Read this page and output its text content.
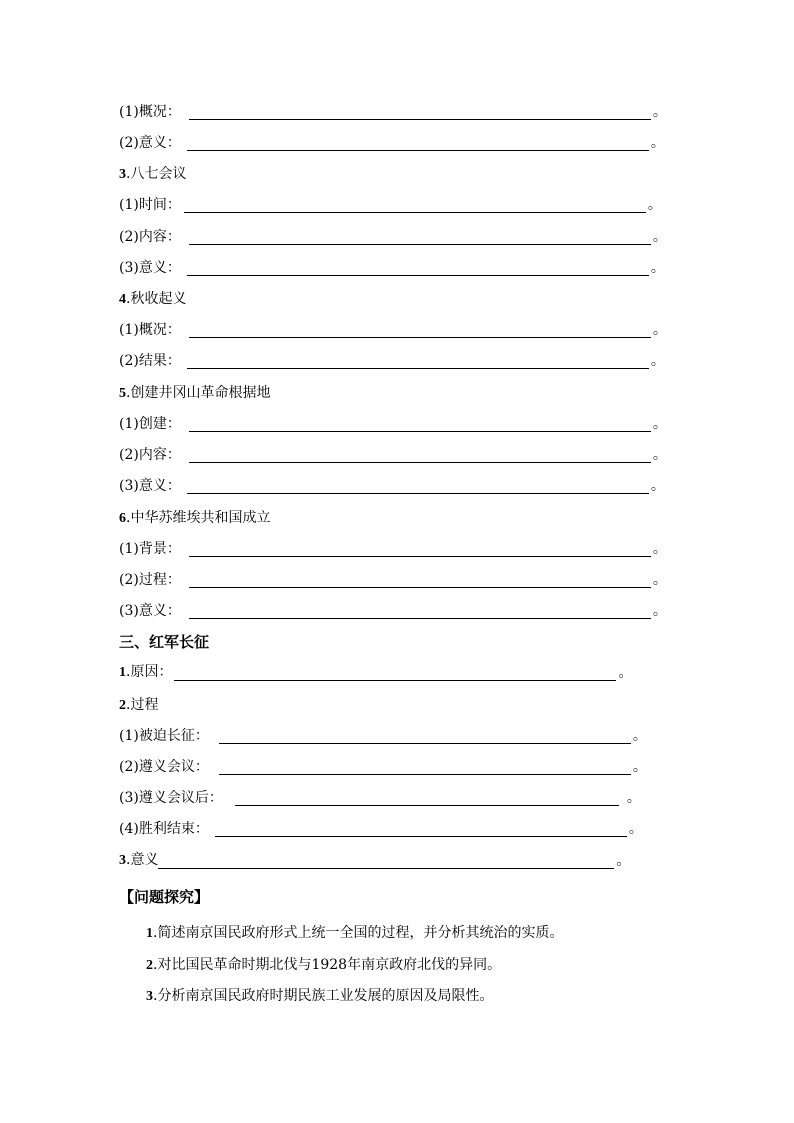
(1)概况：	。
(2)意义：	。
3.八七会议
(1)时间：	。
(2)内容：	。
(3)意义：	。
4.秋收起义
(1)概况：	。
(2)结果：	。
5.创建井冈山革命根据地
(1)创建：	。
(2)内容：	。
(3)意义：	。
6.中华苏维埃共和国成立
(1)背景：	。
(2)过程：	。
(3)意义：	。
三、红军长征
1.原因：	。
2.过程
(1)被迫长征：	。
(2)遵义会议：	。
(3)遵义会议后：	。
(4)胜利结束：	。
3.意义	。
【问题探究】
1.简述南京国民政府形式上统一全国的过程，并分析其统治的实质。
2.对比国民革命时期北伐与1928年南京政府北伐的异同。
3.分析南京国民政府时期民族工业发展的原因及局限性。
